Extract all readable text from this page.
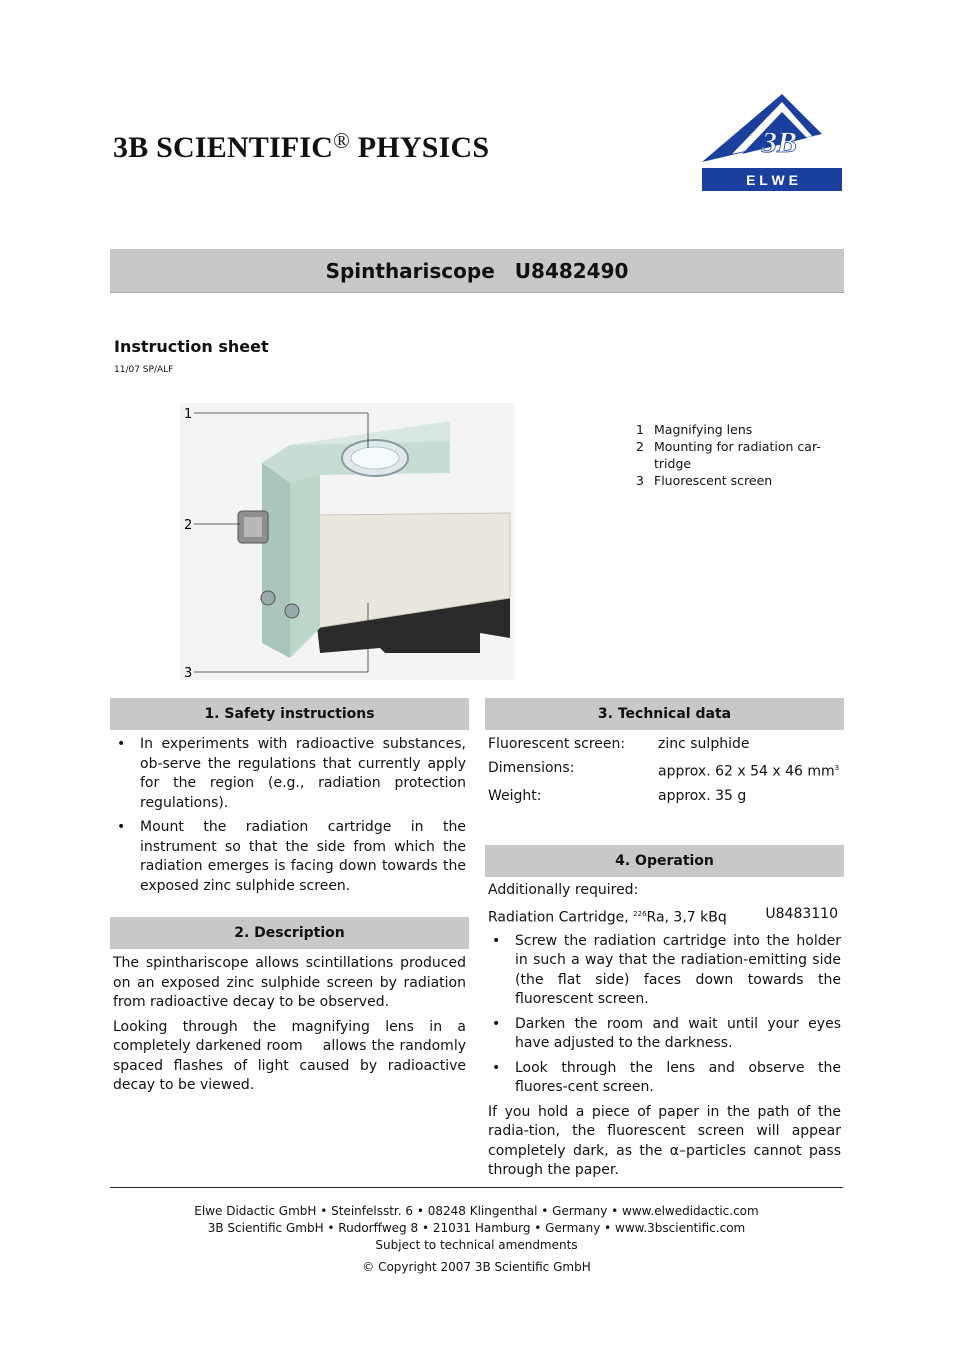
3B SCIENTIFIC® PHYSICS	3B
E L W E
Spinthariscope U8482490
Instruction sheet
11/07 SP/ALF
1
2
3
1 Magnifying lens
2 Mounting for radiation car-tridge
3 Fluorescent screen
1. Safety instructions
• In experiments with radioactive substances, ob-serve the regulations that currently apply for the region (e.g., radiation protection regulations).
• Mount the radiation cartridge in the instrument so that the side from which the radiation emerges is facing down towards the exposed zinc sulphide screen.
2. Description

The spinthariscope allows scintillations produced on an exposed zinc sulphide screen by radiation from radioactive decay to be observed.

Looking through the magnifying lens in a completely darkened room    allows the randomly spaced flashes of light caused by radioactive decay to be viewed.

3. Technical data
Fluorescent screen:	zinc sulphide
Dimensions:	approx. 62 x 54 x 46 $mm^3$
Weight:	approx. 35 g
4. Operation
Additionally required:
Radiation Cartridge, $^{226}$Ra, 3,7 kBq	U8483110
• Screw the radiation cartridge into the holder in such a way that the radiation-emitting side (the flat side) faces down towards the fluorescent screen.
• Darken the room and wait until your eyes have adjusted to the darkness.
• Look through the lens and observe the fluores-cent screen.

If you hold a piece of paper in the path of the radia-tion, the fluorescent screen will appear completely dark, as the α–particles cannot pass through the paper.

Elwe Didactic GmbH • Steinfelsstr. 6 • 08248 Klingenthal • Germany • www.elwedidactic.com
3B Scientific GmbH • Rudorffweg 8 • 21031 Hamburg • Germany • www.3bscientific.com
Subject to technical amendments
© Copyright 2007 3B Scientific GmbH
